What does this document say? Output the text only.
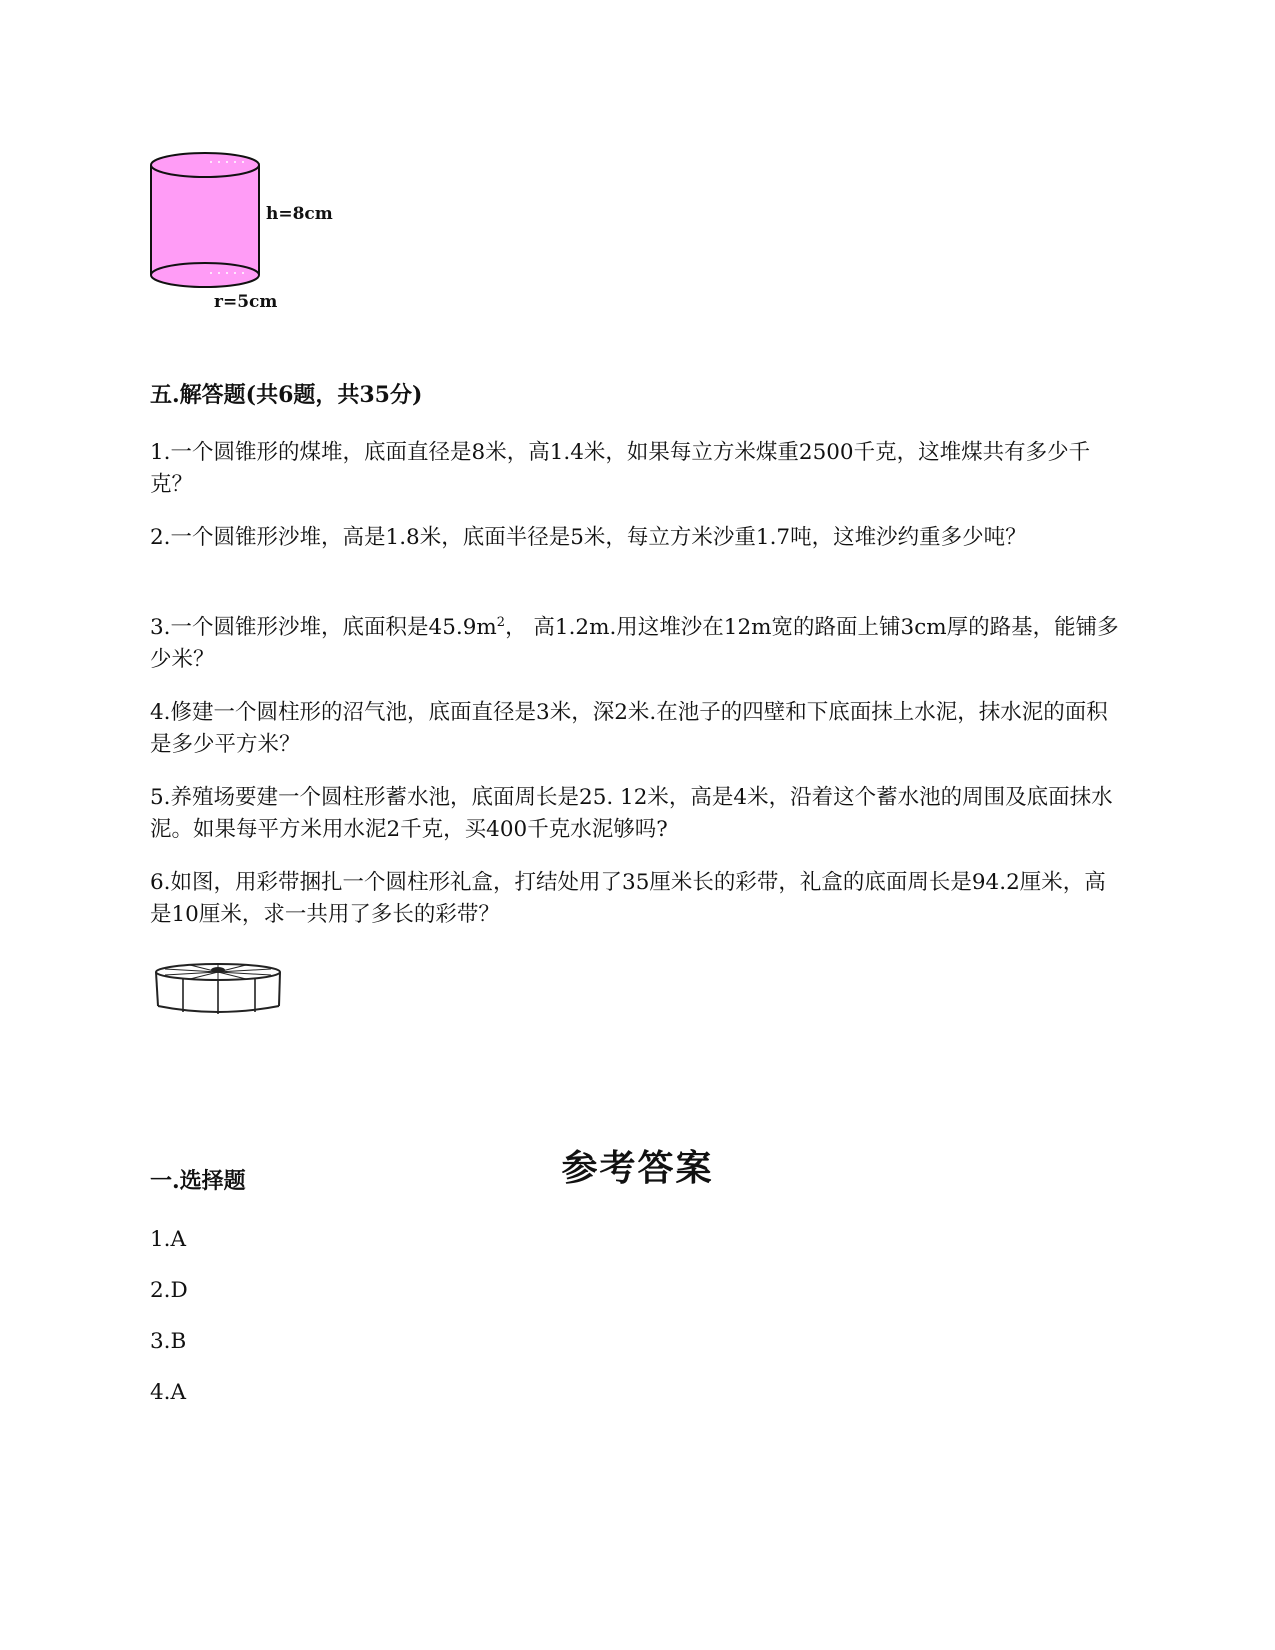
h=8cm
r=5cm
五.解答题(共6题，共35分)
1.一个圆锥形的煤堆，底面直径是8米，高1.4米，如果每立方米煤重2500千克，这堆煤共有多少千克？
2.一个圆锥形沙堆，高是1.8米，底面半径是5米，每立方米沙重1.7吨，这堆沙约重多少吨？
3.一个圆锥形沙堆，底面积是$45.9m^2$， 高1.2m.用这堆沙在12m宽的路面上铺3cm厚的路基，能铺多少米？
4.修建一个圆柱形的沼气池，底面直径是3米，深2米.在池子的四壁和下底面抹上水泥，抹水泥的面积是多少平方米？
5.养殖场要建一个圆柱形蓄水池，底面周长是25. 12米，高是4米，沿着这个蓄水池的周围及底面抹水泥。如果每平方米用水泥2千克，买400千克水泥够吗?
6.如图，用彩带捆扎一个圆柱形礼盒，打结处用了35厘米长的彩带，礼盒的底面周长是94.2厘米，高是10厘米，求一共用了多长的彩带？
参考答案
一.选择题
1.A
2.D
3.B
4.A
